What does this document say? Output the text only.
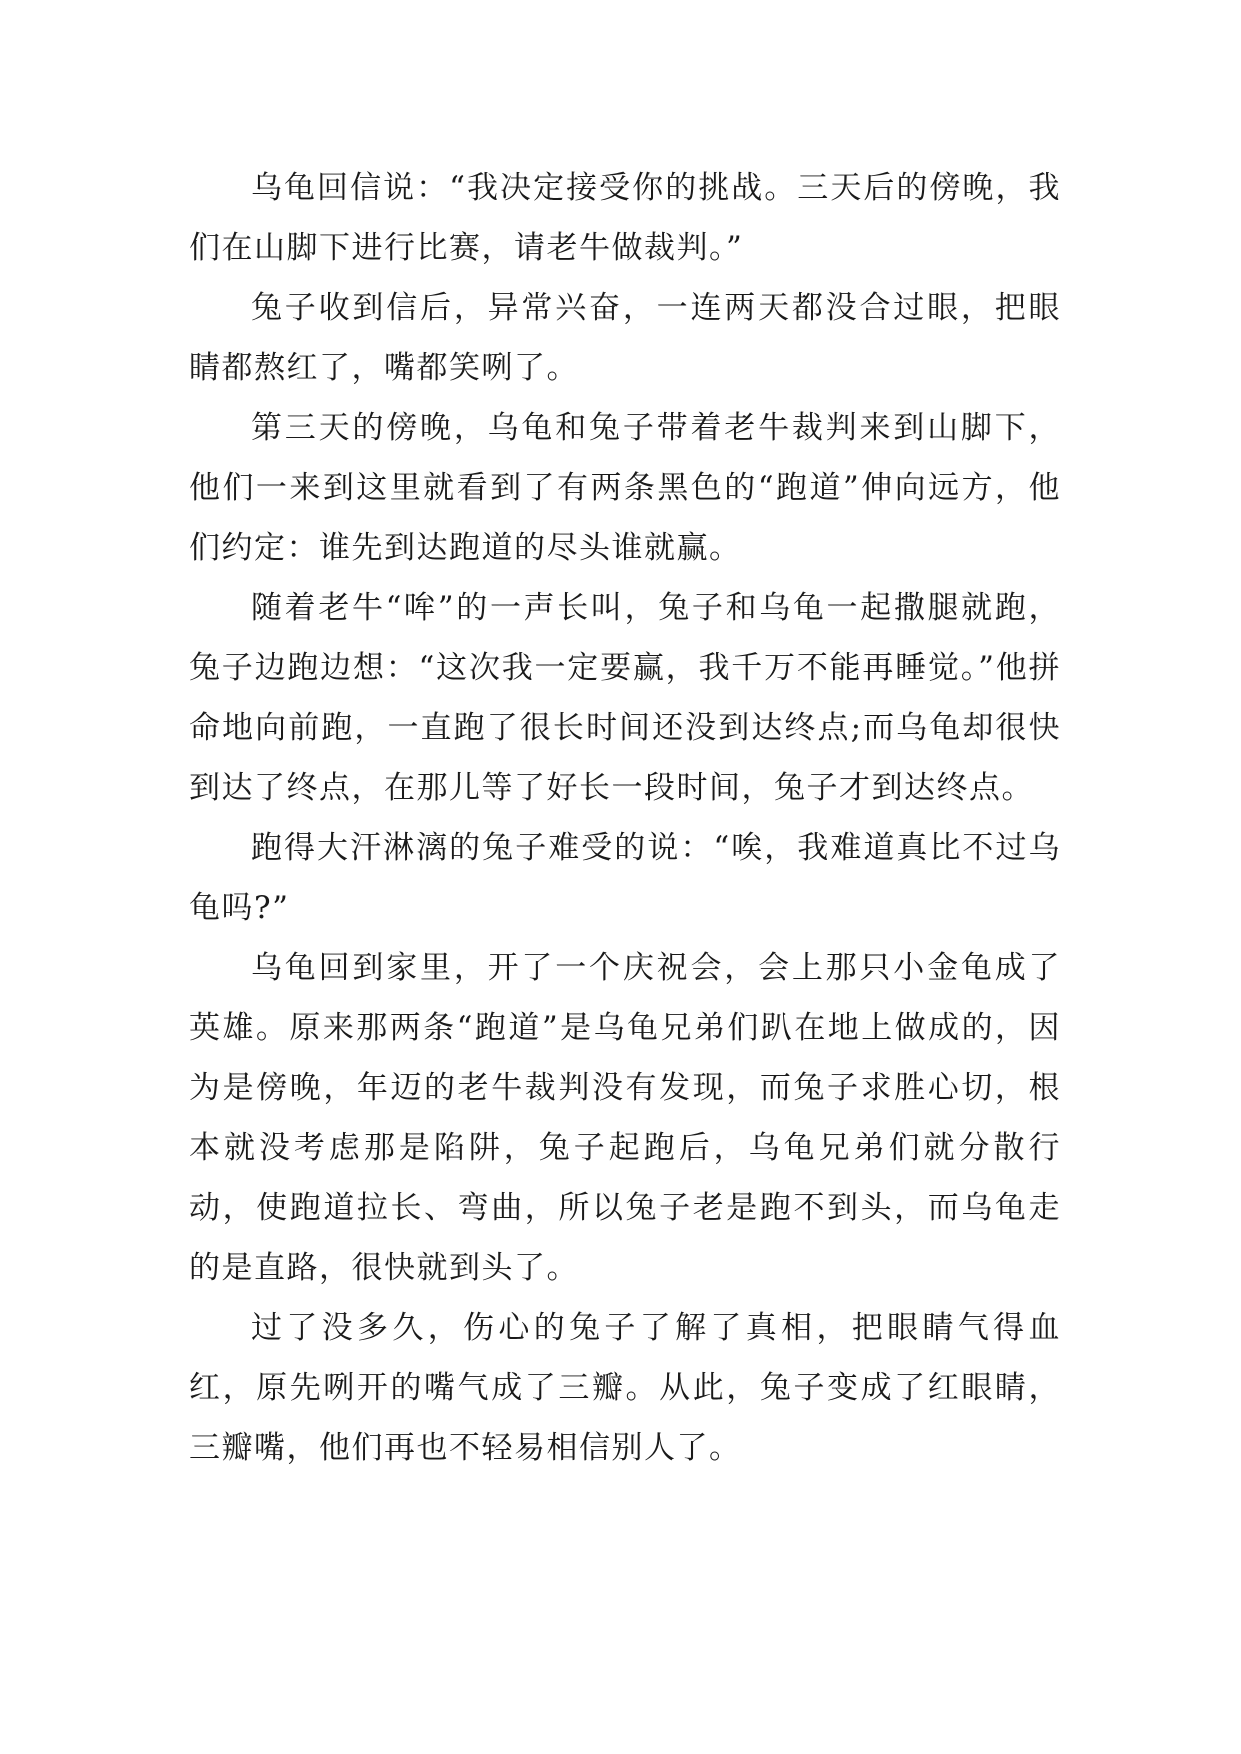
乌龟回信说：“我决定接受你的挑战。三天后的傍晚，我们在山脚下进行比赛，请老牛做裁判。”

兔子收到信后，异常兴奋，一连两天都没合过眼，把眼睛都熬红了，嘴都笑咧了。

第三天的傍晚，乌龟和兔子带着老牛裁判来到山脚下，他们一来到这里就看到了有两条黑色的“跑道”伸向远方，他们约定：谁先到达跑道的尽头谁就赢。

随着老牛“哞”的一声长叫，兔子和乌龟一起撒腿就跑，兔子边跑边想：“这次我一定要赢，我千万不能再睡觉。”他拼命地向前跑，一直跑了很长时间还没到达终点;而乌龟却很快到达了终点，在那儿等了好长一段时间，兔子才到达终点。

跑得大汗淋漓的兔子难受的说：“唉，我难道真比不过乌龟吗?”

乌龟回到家里，开了一个庆祝会，会上那只小金龟成了英雄。原来那两条“跑道”是乌龟兄弟们趴在地上做成的，因为是傍晚，年迈的老牛裁判没有发现，而兔子求胜心切，根本就没考虑那是陷阱，兔子起跑后，乌龟兄弟们就分散行动，使跑道拉长、弯曲，所以兔子老是跑不到头，而乌龟走的是直路，很快就到头了。

过了没多久，伤心的兔子了解了真相，把眼睛气得血红，原先咧开的嘴气成了三瓣。从此，兔子变成了红眼睛，三瓣嘴，他们再也不轻易相信别人了。
